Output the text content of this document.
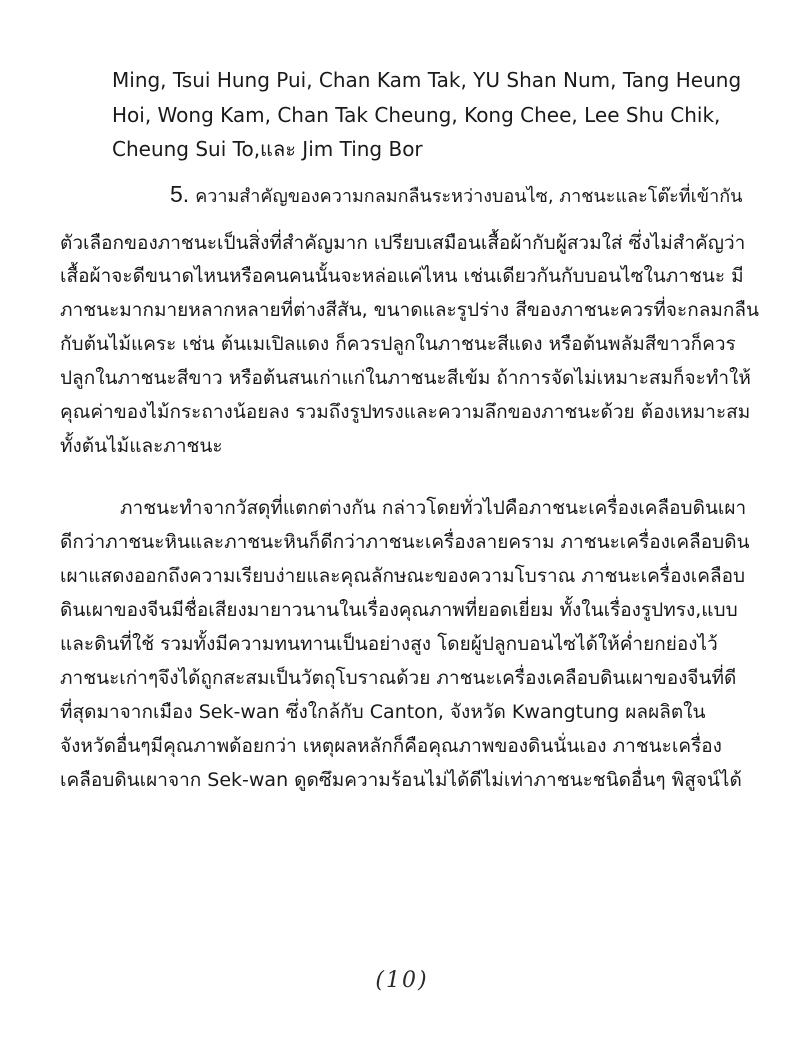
Ming, Tsui Hung Pui, Chan Kam Tak, YU Shan Num, Tang Heung
Hoi, Wong Kam, Chan Tak Cheung, Kong Chee, Lee Shu Chik,
Cheung Sui To,และ Jim Ting Bor
5. ความสำคัญของความกลมกลืนระหว่างบอนไซ, ภาชนะและโต๊ะที่เข้ากัน
ตัวเลือกของภาชนะเป็นสิ่งที่สำคัญมาก เปรียบเสมือนเสื้อผ้ากับผู้สวมใส่ ซึ่งไม่สำคัญว่า
เสื้อผ้าจะดีขนาดไหนหรือคนคนนั้นจะหล่อแค่ไหน เช่นเดียวกันกับบอนไซในภาชนะ มี
ภาชนะมากมายหลากหลายที่ต่างสีสัน, ขนาดและรูปร่าง สีของภาชนะควรที่จะกลมกลืน
กับต้นไม้แคระ เช่น ต้นเมเปิลแดง ก็ควรปลูกในภาชนะสีแดง หรือต้นพลัมสีขาวก็ควร
ปลูกในภาชนะสีขาว หรือต้นสนเก่าแก่ในภาชนะสีเข้ม ถ้าการจัดไม่เหมาะสมก็จะทำให้
คุณค่าของไม้กระถางน้อยลง รวมถึงรูปทรงและความลึกของภาชนะด้วย ต้องเหมาะสม
ทั้งต้นไม้และภาชนะ
ภาชนะทำจากวัสดุที่แตกต่างกัน กล่าวโดยทั่วไปคือภาชนะเครื่องเคลือบดินเผา
ดีกว่าภาชนะหินและภาชนะหินก็ดีกว่าภาชนะเครื่องลายคราม ภาชนะเครื่องเคลือบดิน
เผาแสดงออกถึงความเรียบง่ายและคุณลักษณะของความโบราณ ภาชนะเครื่องเคลือบ
ดินเผาของจีนมีชื่อเสียงมายาวนานในเรื่องคุณภาพที่ยอดเยี่ยม ทั้งในเรื่องรูปทรง,แบบ
และดินที่ใช้ รวมทั้งมีความทนทานเป็นอย่างสูง โดยผู้ปลูกบอนไซได้ให้ค่ำยกย่องไว้
ภาชนะเก่าๆจึงได้ถูกสะสมเป็นวัตถุโบราณด้วย ภาชนะเครื่องเคลือบดินเผาของจีนที่ดี
ที่สุดมาจากเมือง Sek-wan ซึ่งใกล้กับ Canton, จังหวัด Kwangtung ผลผลิตใน
จังหวัดอื่นๆมีคุณภาพด้อยกว่า เหตุผลหลักก็คือคุณภาพของดินนั่นเอง ภาชนะเครื่อง
เคลือบดินเผาจาก Sek-wan ดูดซึมความร้อนไม่ได้ดีไม่เท่าภาชนะชนิดอื่นๆ พิสูจน์ได้
(10)
